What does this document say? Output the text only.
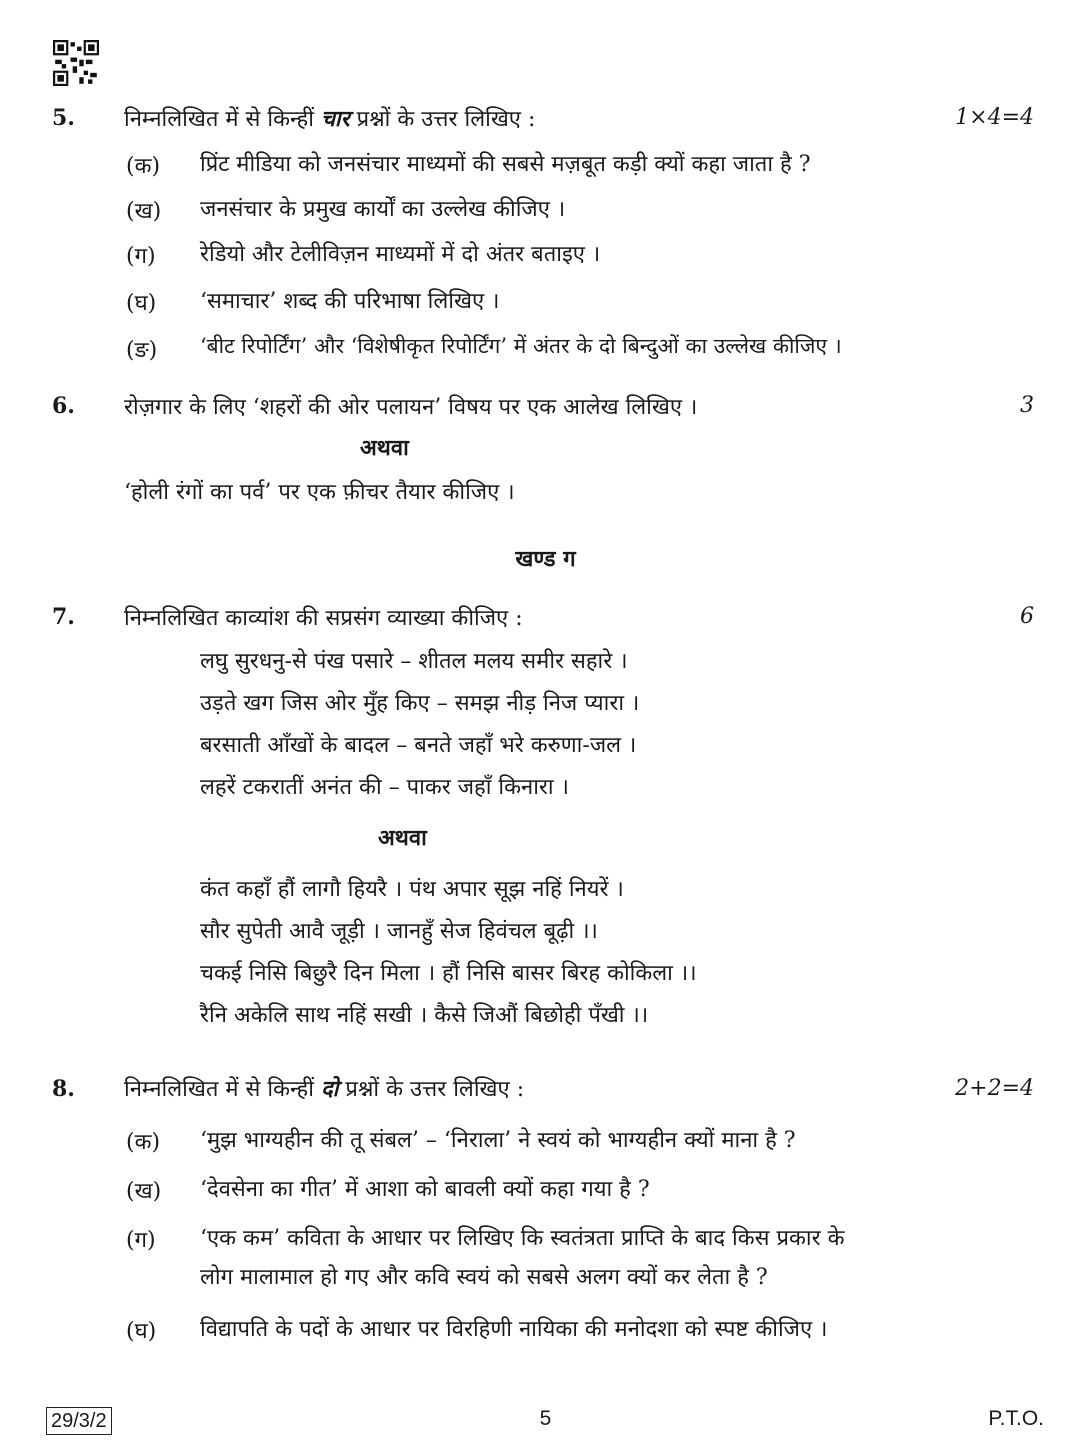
5. निम्नलिखित में से किन्हीं चार प्रश्नों के उत्तर लिखिए :	1×4=4
(क) प्रिंट मीडिया को जनसंचार माध्यमों की सबसे मज़बूत कड़ी क्यों कहा जाता है ?
(ख) जनसंचार के प्रमुख कार्यों का उल्लेख कीजिए ।
(ग) रेडियो और टेलीविज़न माध्यमों में दो अंतर बताइए ।
(घ) ‘समाचार’ शब्द की परिभाषा लिखिए ।
(ङ) ‘बीट रिपोर्टिंग’ और ‘विशेषीकृत रिपोर्टिंग’ में अंतर के दो बिन्दुओं का उल्लेख कीजिए ।
6. रोज़गार के लिए ‘शहरों की ओर पलायन’ विषय पर एक आलेख लिखिए ।	3
अथवा
‘होली रंगों का पर्व’ पर एक फ़ीचर तैयार कीजिए ।
खण्ड ग
7. निम्नलिखित काव्यांश की सप्रसंग व्याख्या कीजिए :	6
लघु सुरधनु-से पंख पसारे – शीतल मलय समीर सहारे ।
उड़ते खग जिस ओर मुँह किए – समझ नीड़ निज प्यारा ।
बरसाती आँखों के बादल – बनते जहाँ भरे करुणा-जल ।
लहरें टकरातीं अनंत की – पाकर जहाँ किनारा ।
अथवा
कंत कहाँ हौं लागौ हियरै । पंथ अपार सूझ नहिं नियरें ।
सौर सुपेती आवै जूड़ी । जानहुँ सेज हिवंचल बूढ़ी ।।
चकई निसि बिछुरै दिन मिला । हौं निसि बासर बिरह कोकिला ।।
रैनि अकेलि साथ नहिं सखी । कैसे जिऔं बिछोही पँखी ।।
8. निम्नलिखित में से किन्हीं दो प्रश्नों के उत्तर लिखिए :	2+2=4
(क) ‘मुझ भाग्यहीन की तू संबल’ – ‘निराला’ ने स्वयं को भाग्यहीन क्यों माना है ?
(ख) ‘देवसेना का गीत’ में आशा को बावली क्यों कहा गया है ?
(ग) ‘एक कम’ कविता के आधार पर लिखिए कि स्वतंत्रता प्राप्ति के बाद किस प्रकार के
लोग मालामाल हो गए और कवि स्वयं को सबसे अलग क्यों कर लेता है ?
(घ) विद्यापति के पदों के आधार पर विरहिणी नायिका की मनोदशा को स्पष्ट कीजिए ।
29/3/2	5	P.T.O.
